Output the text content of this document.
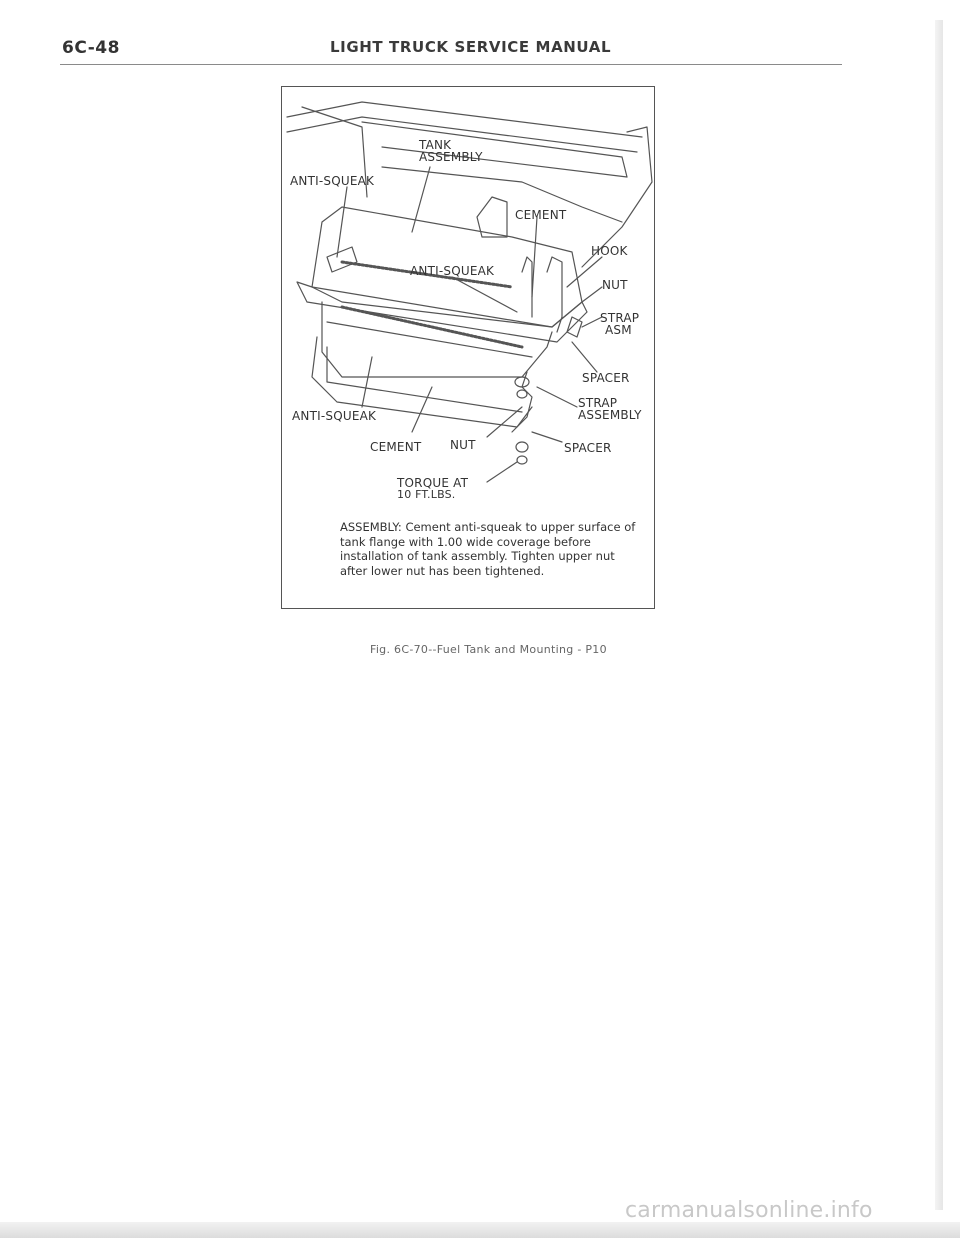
6C-48	LIGHT TRUCK SERVICE MANUAL
TANK
ASSEMBLY
ANTI-SQUEAK
CEMENT
HOOK
ANTI-SQUEAK
NUT
STRAP
ASM
SPACER
STRAP
ASSEMBLY
ANTI-SQUEAK
CEMENT NUT	SPACER
TORQUE AT
10 FT.LBS.
ASSEMBLY: Cement anti-squeak to upper surface of tank flange with 1.00 wide coverage before installation of tank assembly. Tighten upper nut after lower nut has been tightened.
Fig. 6C-70--Fuel Tank and Mounting - P10
carmanualsonline.info
